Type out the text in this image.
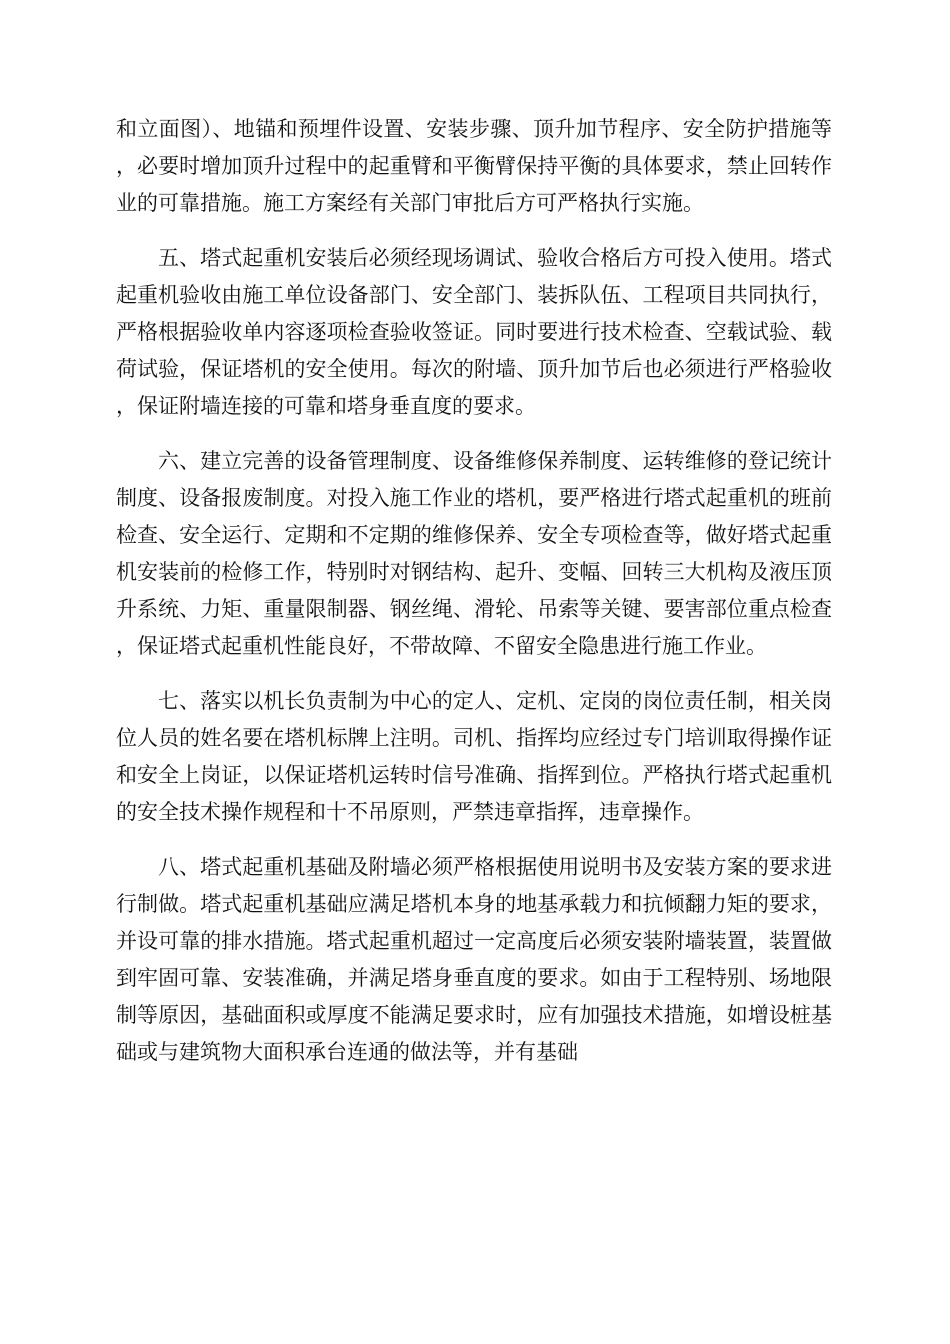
和立面图）、地锚和预埋件设置、安装步骤、顶升加节程序、安全防护措施等，必要时增加顶升过程中的起重臂和平衡臂保持平衡的具体要求，禁止回转作业的可靠措施。施工方案经有关部门审批后方可严格执行实施。

五、塔式起重机安装后必须经现场调试、验收合格后方可投入使用。塔式起重机验收由施工单位设备部门、安全部门、装拆队伍、工程项目共同执行，严格根据验收单内容逐项检查验收签证。同时要进行技术检查、空载试验、载荷试验，保证塔机的安全使用。每次的附墙、顶升加节后也必须进行严格验收，保证附墙连接的可靠和塔身垂直度的要求。

六、建立完善的设备管理制度、设备维修保养制度、运转维修的登记统计制度、设备报废制度。对投入施工作业的塔机，要严格进行塔式起重机的班前检查、安全运行、定期和不定期的维修保养、安全专项检查等，做好塔式起重机安装前的检修工作，特别时对钢结构、起升、变幅、回转三大机构及液压顶升系统、力矩、重量限制器、钢丝绳、滑轮、吊索等关键、要害部位重点检查，保证塔式起重机性能良好，不带故障、不留安全隐患进行施工作业。

七、落实以机长负责制为中心的定人、定机、定岗的岗位责任制，相关岗位人员的姓名要在塔机标牌上注明。司机、指挥均应经过专门培训取得操作证和安全上岗证，以保证塔机运转时信号准确、指挥到位。严格执行塔式起重机的安全技术操作规程和十不吊原则，严禁违章指挥，违章操作。

八、塔式起重机基础及附墙必须严格根据使用说明书及安装方案的要求进行制做。塔式起重机基础应满足塔机本身的地基承载力和抗倾翻力矩的要求，并设可靠的排水措施。塔式起重机超过一定高度后必须安装附墙装置，装置做到牢固可靠、安装准确，并满足塔身垂直度的要求。如由于工程特别、场地限制等原因，基础面积或厚度不能满足要求时，应有加强技术措施，如增设桩基础或与建筑物大面积承台连通的做法等，并有基础
